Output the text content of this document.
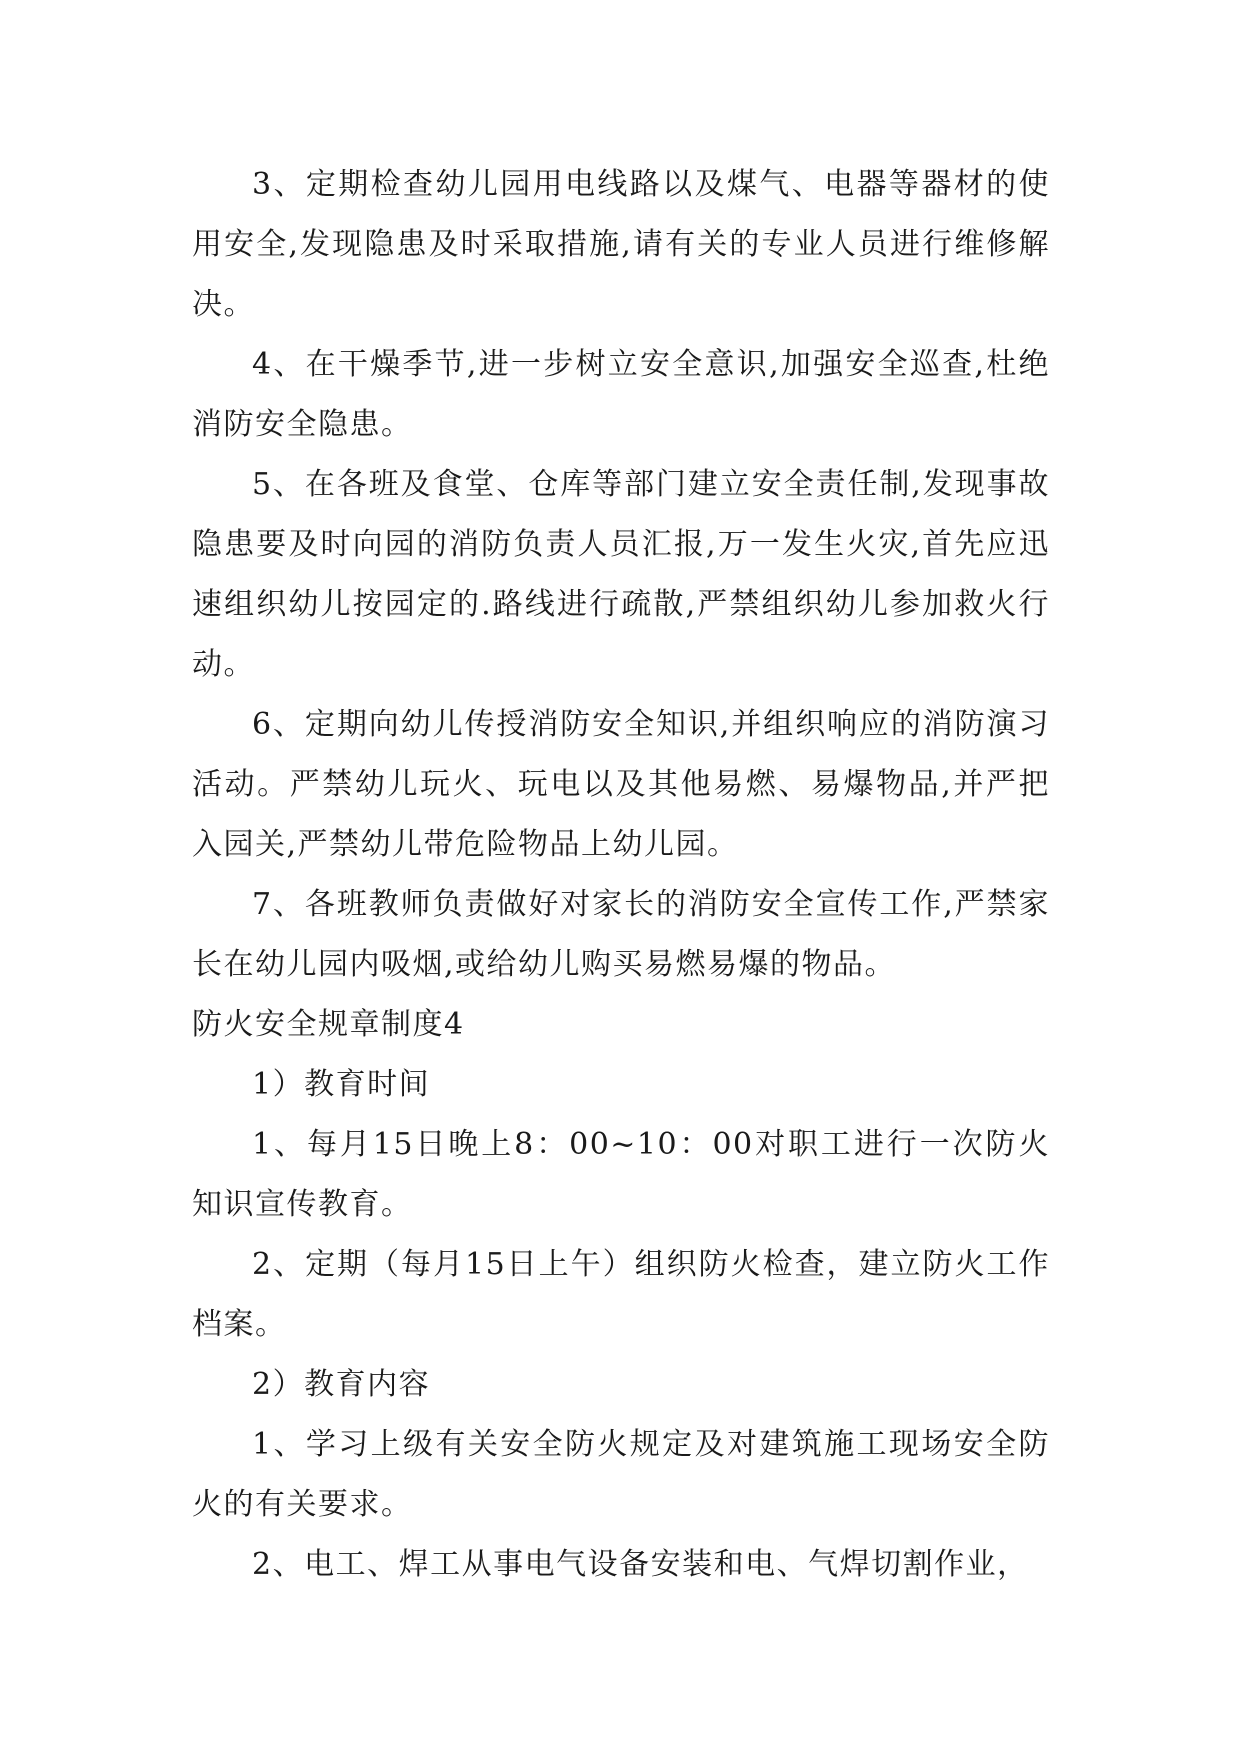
3、定期检查幼儿园用电线路以及煤气、电器等器材的使用安全,发现隐患及时采取措施,请有关的专业人员进行维修解决。

4、在干燥季节,进一步树立安全意识,加强安全巡查,杜绝消防安全隐患。

5、在各班及食堂、仓库等部门建立安全责任制,发现事故隐患要及时向园的消防负责人员汇报,万一发生火灾,首先应迅速组织幼儿按园定的.路线进行疏散,严禁组织幼儿参加救火行动。

6、定期向幼儿传授消防安全知识,并组织响应的消防演习活动。严禁幼儿玩火、玩电以及其他易燃、易爆物品,并严把入园关,严禁幼儿带危险物品上幼儿园。

7、各班教师负责做好对家长的消防安全宣传工作,严禁家长在幼儿园内吸烟,或给幼儿购买易燃易爆的物品。

防火安全规章制度4

1）教育时间

1、每月15日晚上8：00~10：00对职工进行一次防火知识宣传教育。

2、定期（每月15日上午）组织防火检查，建立防火工作档案。

2）教育内容

1、学习上级有关安全防火规定及对建筑施工现场安全防火的有关要求。

2、电工、焊工从事电气设备安装和电、气焊切割作业，
